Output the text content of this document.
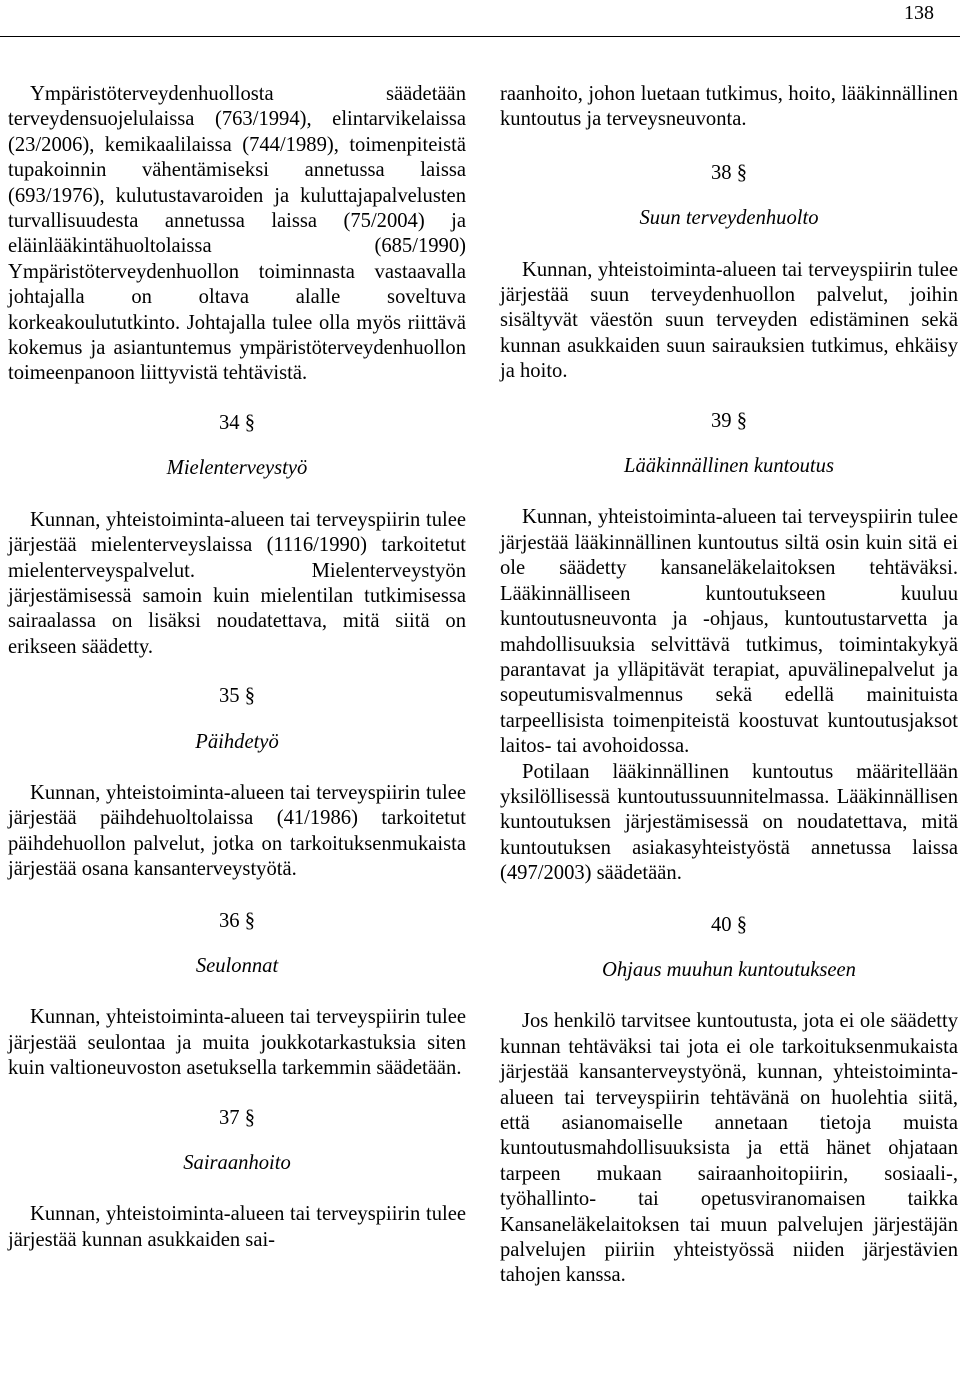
138

Ympäristöterveydenhuollosta säädetään terveydensuojelulaissa (763/1994), elintarvikelaissa (23/2006), kemikaalilaissa (744/1989), toimenpiteistä tupakoinnin vähentämiseksi annetussa laissa (693/1976), kulutustavaroiden ja kuluttajapalvelusten turvallisuudesta annetussa laissa (75/2004) ja eläinlääkintähuoltolaissa (685/1990) Ympäristöterveydenhuollon toiminnasta vastaavalla johtajalla on oltava alalle soveltuva korkeakoulututkinto. Johtajalla tulee olla myös riittävä kokemus ja asiantuntemus ympäristöterveydenhuollon toimeenpanoon liittyvistä tehtävistä.

34 §
Mielenterveystyö

Kunnan, yhteistoiminta-alueen tai terveyspiirin tulee järjestää mielenterveyslaissa (1116/1990) tarkoitetut mielenterveyspalvelut. Mielenterveystyön järjestämisessä samoin kuin mielentilan tutkimisessa sairaalassa on lisäksi noudatettava, mitä siitä on erikseen säädetty.

35 §
Päihdetyö

Kunnan, yhteistoiminta-alueen tai terveyspiirin tulee järjestää päihdehuoltolaissa (41/1986) tarkoitetut päihdehuollon palvelut, jotka on tarkoituksenmukaista järjestää osana kansanterveystyötä.

36 §
Seulonnat

Kunnan, yhteistoiminta-alueen tai terveyspiirin tulee järjestää seulontaa ja muita joukkotarkastuksia siten kuin valtioneuvoston asetuksella tarkemmin säädetään.

37 §
Sairaanhoito

Kunnan, yhteistoiminta-alueen tai terveyspiirin tulee järjestää kunnan asukkaiden sai-

raanhoito, johon luetaan tutkimus, hoito, lääkinnällinen kuntoutus ja terveysneuvonta.

38 §
Suun terveydenhuolto

Kunnan, yhteistoiminta-alueen tai terveyspiirin tulee järjestää suun terveydenhuollon palvelut, joihin sisältyvät väestön suun terveyden edistäminen sekä kunnan asukkaiden suun sairauksien tutkimus, ehkäisy ja hoito.

39 §
Lääkinnällinen kuntoutus

Kunnan, yhteistoiminta-alueen tai terveyspiirin tulee järjestää lääkinnällinen kuntoutus siltä osin kuin sitä ei ole säädetty kansaneläkelaitoksen tehtäväksi. Lääkinnälliseen kuntoutukseen kuuluu kuntoutusneuvonta ja -ohjaus, kuntoutustarvetta ja mahdollisuuksia selvittävä tutkimus, toimintakykyä parantavat ja ylläpitävät terapiat, apuvälinepalvelut ja sopeutumisvalmennus sekä edellä mainituista tarpeellisista toimenpiteistä koostuvat kuntoutusjaksot laitos- tai avohoidossa.

Potilaan lääkinnällinen kuntoutus määritellään yksilöllisessä kuntoutussuunnitelmassa. Lääkinnällisen kuntoutuksen järjestämisessä on noudatettava, mitä kuntoutuksen asiakasyhteistyöstä annetussa laissa (497/2003) säädetään.

40 §
Ohjaus muuhun kuntoutukseen

Jos henkilö tarvitsee kuntoutusta, jota ei ole säädetty kunnan tehtäväksi tai jota ei ole tarkoituksenmukaista järjestää kansanterveystyönä, kunnan, yhteistoiminta-alueen tai terveyspiirin tehtävänä on huolehtia siitä, että asianomaiselle annetaan tietoja muista kuntoutusmahdollisuuksista ja että hänet ohjataan tarpeen mukaan sairaanhoitopiirin, sosiaali-, työhallinto- tai opetusviranomaisen taikka Kansaneläkelaitoksen tai muun palvelujen järjestäjän palvelujen piiriin yhteistyössä niiden järjestävien tahojen kanssa.
